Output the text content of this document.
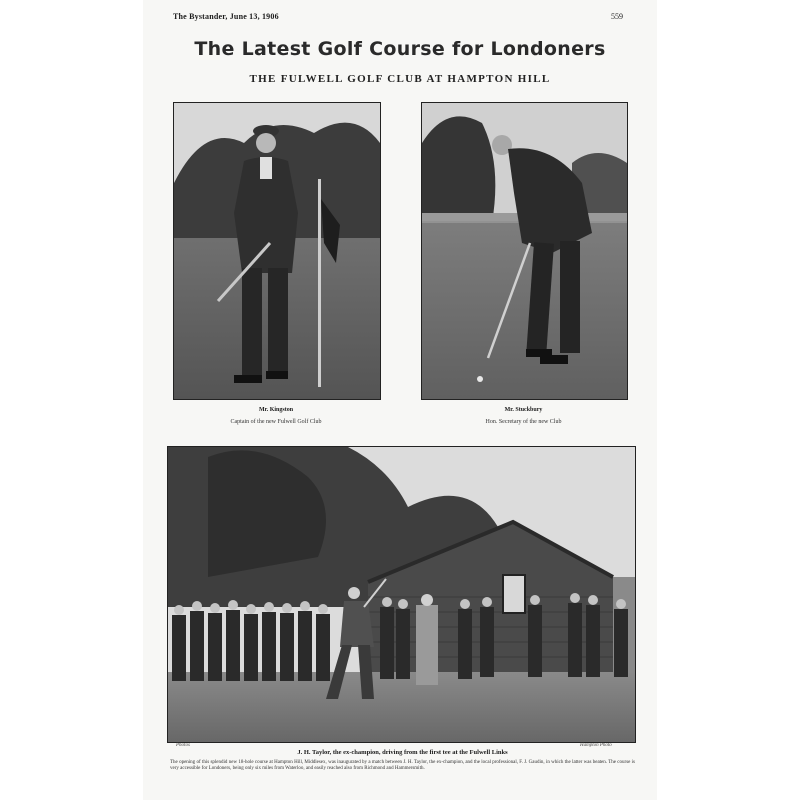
The Bystander, June 13, 1906	559
The Latest Golf Course for Londoners
THE FULWELL GOLF CLUB AT HAMPTON HILL
Mr. Kingston
Captain of the new Fulwell Golf Club
Mr. Stuckbury
Hon. Secretary of the new Club
Photos	Hampton Photo
J. H. Taylor, the ex-champion, driving from the first tee at the Fulwell Links
The opening of this splendid new 18-hole course at Hampton Hill, Middlesex, was inaugurated by a match between J. H. Taylor, the ex-champion, and the local professional, F. J. Gaudin, in which the latter was beaten. The course is very accessible for Londoners, being only six miles from Waterloo, and easily reached also from Richmond and Hammersmith.
